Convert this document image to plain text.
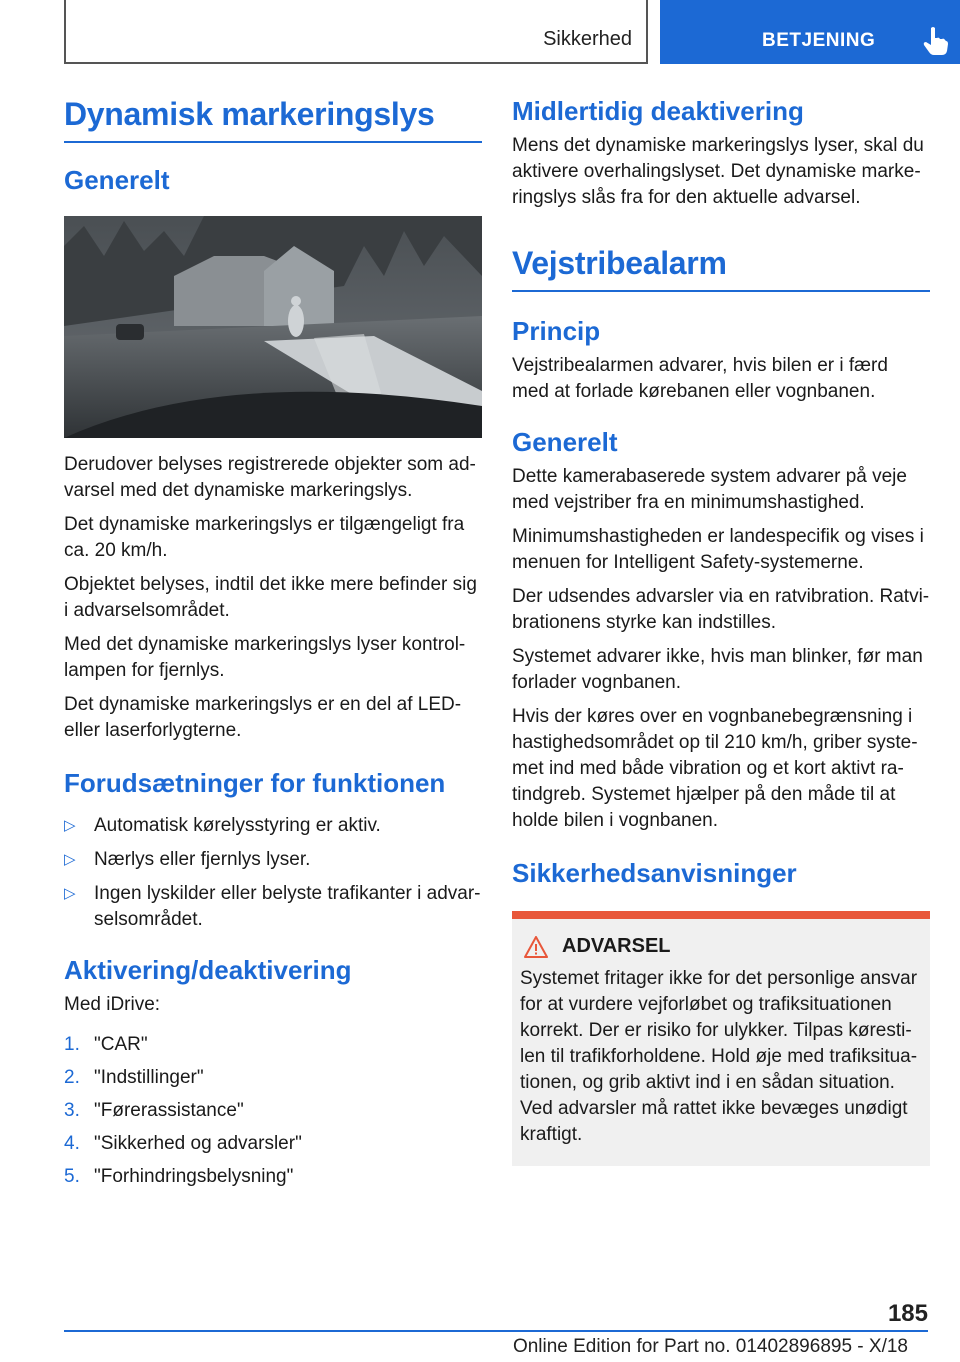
Sikkerhed	BETJENING
Dynamisk markeringslys
Generelt

Derudover belyses registrerede objekter som ad‐varsel med det dynamiske markeringslys.

Det dynamiske markeringslys er tilgængeligt fra ca. 20 km/h.

Objektet belyses, indtil det ikke mere befinder sig i advarselsområdet.

Med det dynamiske markeringslys lyser kontrol‐lampen for fjernlys.

Det dynamiske markeringslys er en del af LED- eller laserforlygterne.

Forudsætninger for funktionen
▷ Automatisk kørelysstyring er aktiv.
▷ Nærlys eller fjernlys lyser.
▷ Ingen lyskilder eller belyste trafikanter i advar‐selsområdet.
Aktivering/deaktivering

Med iDrive:

1. "CAR"
2. "Indstillinger"
3. "Førerassistance"
4. "Sikkerhed og advarsler"
5. "Forhindringsbelysning"
Midlertidig deaktivering

Mens det dynamiske markeringslys lyser, skal du aktivere overhalingslyset. Det dynamiske marke‐ringslys slås fra for den aktuelle advarsel.

Vejstribealarm
Princip

Vejstribealarmen advarer, hvis bilen er i færd med at forlade kørebanen eller vognbanen.

Generelt

Dette kamerabaserede system advarer på veje med vejstriber fra en minimumshastighed.

Minimumshastigheden er landespecifik og vises i menuen for Intelligent Safety-systemerne.

Der udsendes advarsler via en ratvibration. Ratvi‐brationens styrke kan indstilles.

Systemet advarer ikke, hvis man blinker, før man forlader vognbanen.

Hvis der køres over en vognbanebegrænsning i hastighedsområdet op til 210 km/h, griber syste‐met ind med både vibration og et kort aktivt ra‐tindgreb. Systemet hjælper på den måde til at holde bilen i vognbanen.

Sikkerhedsanvisninger
ADVARSEL

Systemet fritager ikke for det personlige ansvar for at vurdere vejforløbet og trafiksituationen korrekt. Der er risiko for ulykker. Tilpas køresti‐len til trafikforholdene. Hold øje med trafiksitua‐tionen, og grib aktivt ind i en sådan situation. Ved advarsler må rattet ikke bevæges unødigt kraftigt.

185
Online Edition for Part no. 01402896895 - X/18
